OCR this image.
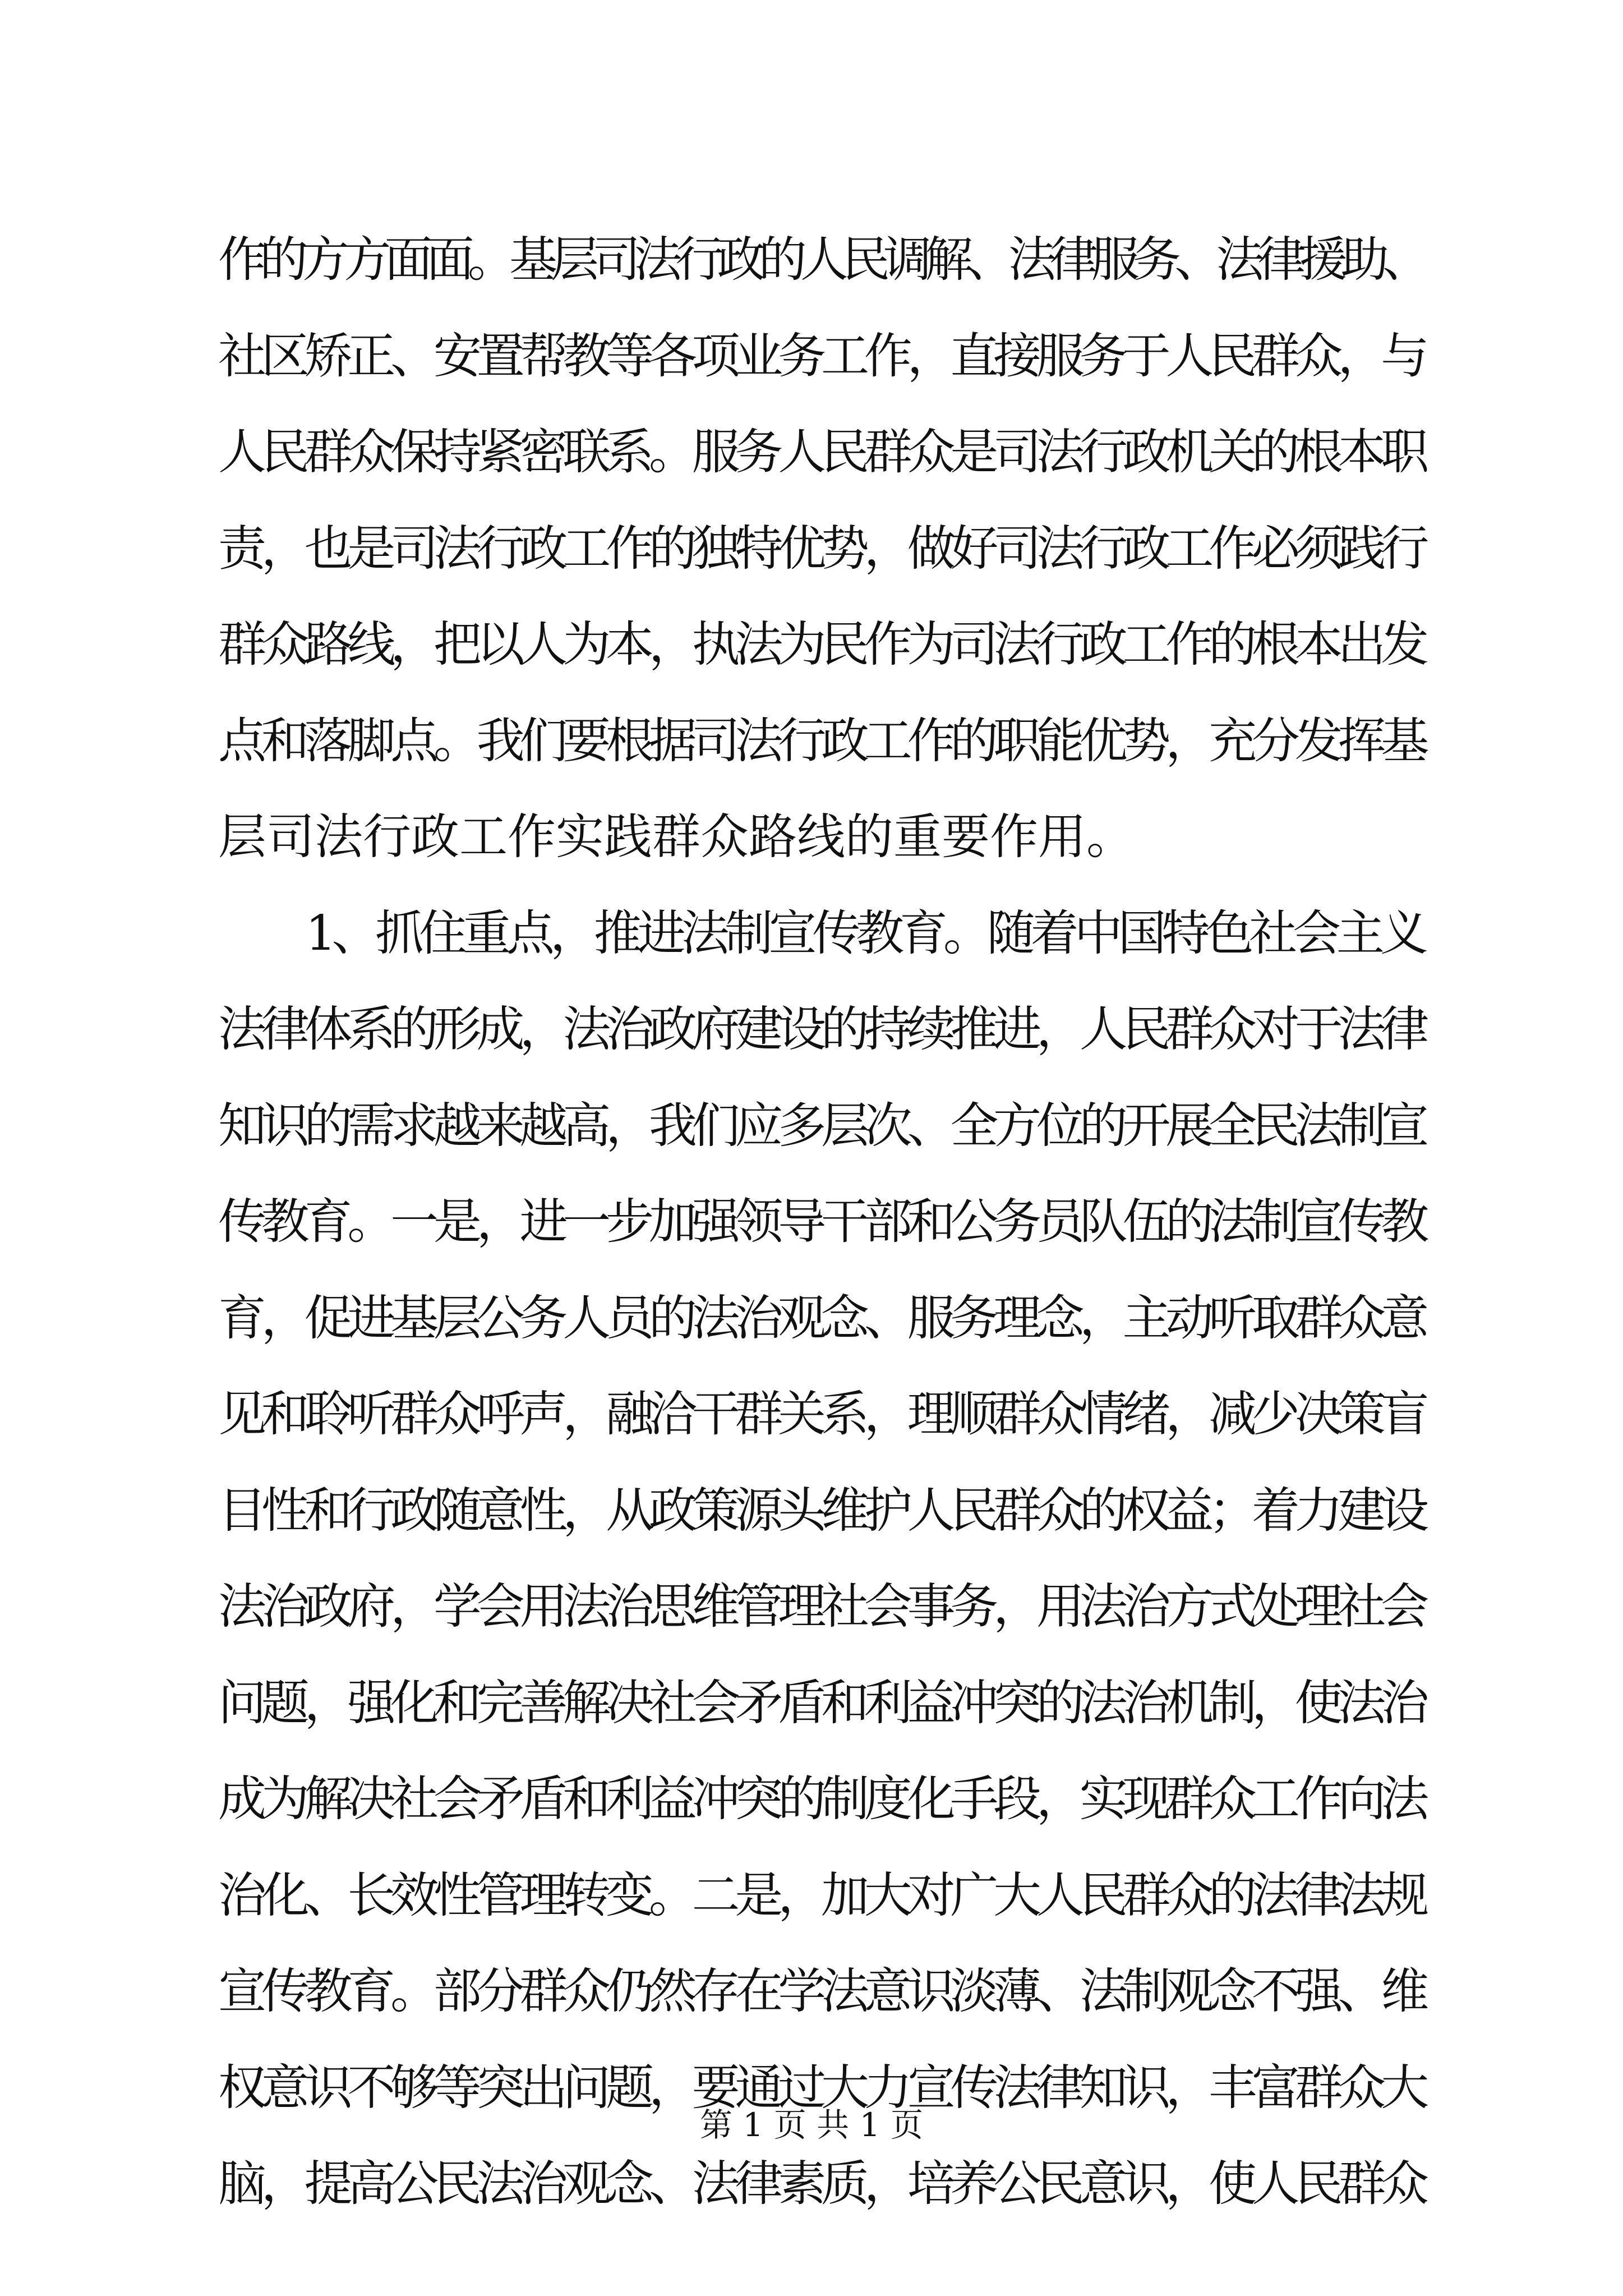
作的方方面面。基层司法行政的人民调解、法律服务、法律援助、
社区矫正、安置帮教等各项业务工作，直接服务于人民群众，与
人民群众保持紧密联系。服务人民群众是司法行政机关的根本职
责，也是司法行政工作的独特优势，做好司法行政工作必须践行
群众路线，把以人为本，执法为民作为司法行政工作的根本出发
点和落脚点。我们要根据司法行政工作的职能优势，充分发挥基
层司法行政工作实践群众路线的重要作用。
　　1、抓住重点，推进法制宣传教育。随着中国特色社会主义
法律体系的形成，法治政府建设的持续推进，人民群众对于法律
知识的需求越来越高，我们应多层次、全方位的开展全民法制宣
传教育。一是，进一步加强领导干部和公务员队伍的法制宣传教
育，促进基层公务人员的法治观念、服务理念，主动听取群众意
见和聆听群众呼声，融洽干群关系，理顺群众情绪，减少决策盲
目性和行政随意性，从政策源头维护人民群众的权益；着力建设
法治政府，学会用法治思维管理社会事务，用法治方式处理社会
问题，强化和完善解决社会矛盾和利益冲突的法治机制，使法治
成为解决社会矛盾和利益冲突的制度化手段，实现群众工作向法
治化、长效性管理转变。二是，加大对广大人民群众的法律法规
宣传教育。部分群众仍然存在学法意识淡薄、法制观念不强、维
权意识不够等突出问题，要通过大力宣传法律知识，丰富群众大
脑，提高公民法治观念、法律素质，培养公民意识，使人民群众
第 1 页 共 1 页
